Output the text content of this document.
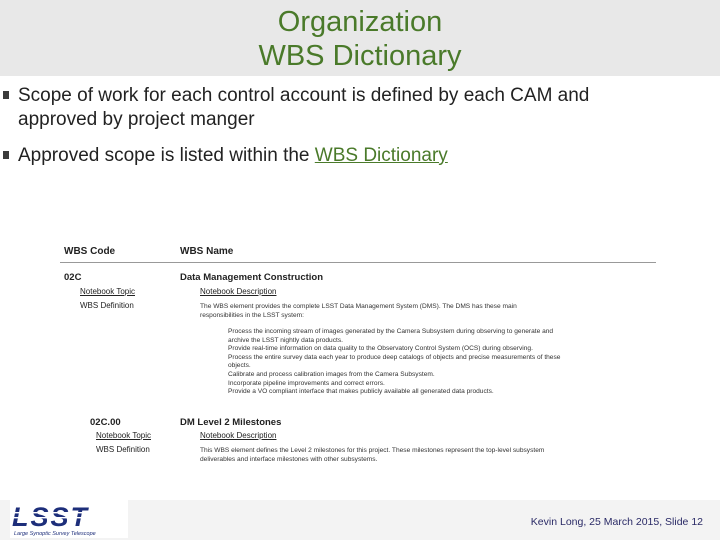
Organization
WBS Dictionary
Scope of work for each control account is defined by each CAM and
approved by project manger
Approved scope is listed within the WBS Dictionary
WBS Code	WBS Name
02C
Notebook Topic
WBS Definition
Data Management Construction
Notebook Description
The WBS element provides the complete LSST Data Management System (DMS). The DMS has these main
responsibilities in the LSST system:
Process the incoming stream of images generated by the Camera Subsystem during observing to generate and
archive the LSST nightly data products.
Provide real-time information on data quality to the Observatory Control System (OCS) during observing.
Process the entire survey data each year to produce deep catalogs of objects and precise measurements of these
objects.
Calibrate and process calibration images from the Camera Subsystem.
Incorporate pipeline improvements and correct errors.
Provide a VO compliant interface that makes publicly available all generated data products.
02C.00
Notebook Topic
WBS Definition
DM Level 2 Milestones
Notebook Description
This WBS element defines the Level 2 milestones for this project. These milestones represent the top-level subsystem
deliverables and interface milestones with other subsystems.
Large Synoptic Survey Telescope
Kevin Long, 25 March 2015, Slide 12
